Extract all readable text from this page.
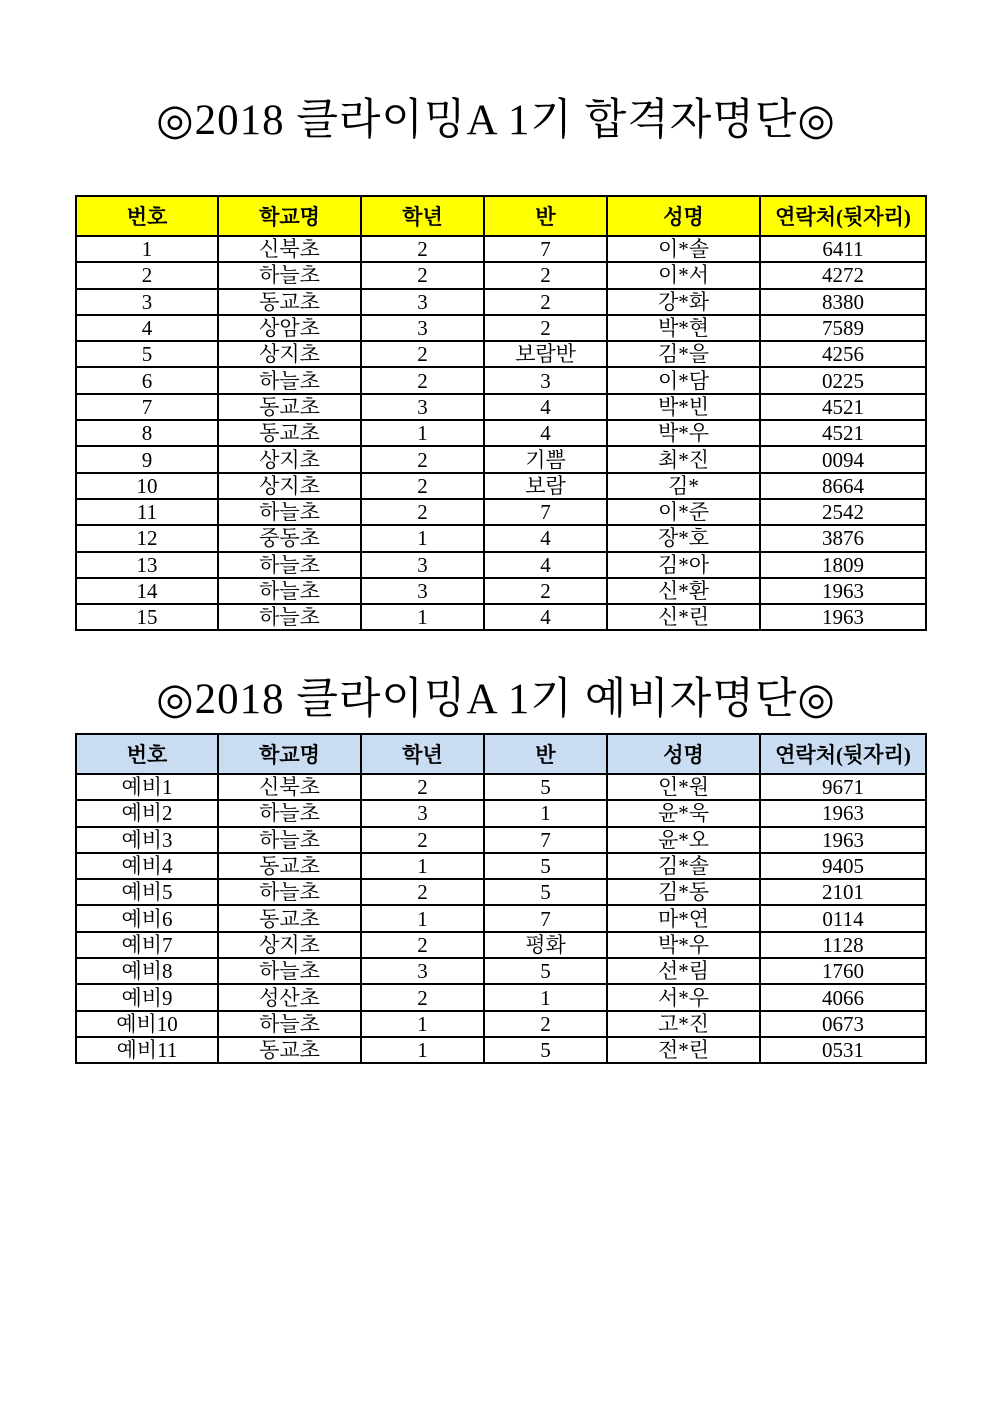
◎2018 클라이밍A 1기 합격자명단◎
번호	학교명	학년	반	성명	연락처(뒷자리)
1	신북초	2	7	이*솔	6411
2	하늘초	2	2	이*서	4272
3	동교초	3	2	강*화	8380
4	상암초	3	2	박*현	7589
5	상지초	2	보람반	김*을	4256
6	하늘초	2	3	이*담	0225
7	동교초	3	4	박*빈	4521
8	동교초	1	4	박*우	4521
9	상지초	2	기쁨	최*진	0094
10	상지초	2	보람	김*	8664
11	하늘초	2	7	이*준	2542
12	중동초	1	4	장*호	3876
13	하늘초	3	4	김*아	1809
14	하늘초	3	2	신*환	1963
15	하늘초	1	4	신*린	1963
◎2018 클라이밍A 1기 예비자명단◎
번호	학교명	학년	반	성명	연락처(뒷자리)
예비1	신북초	2	5	인*원	9671
예비2	하늘초	3	1	윤*욱	1963
예비3	하늘초	2	7	윤*오	1963
예비4	동교초	1	5	김*솔	9405
예비5	하늘초	2	5	김*동	2101
예비6	동교초	1	7	마*연	0114
예비7	상지초	2	평화	박*우	1128
예비8	하늘초	3	5	선*림	1760
예비9	성산초	2	1	서*우	4066
예비10	하늘초	1	2	고*진	0673
예비11	동교초	1	5	전*린	0531
